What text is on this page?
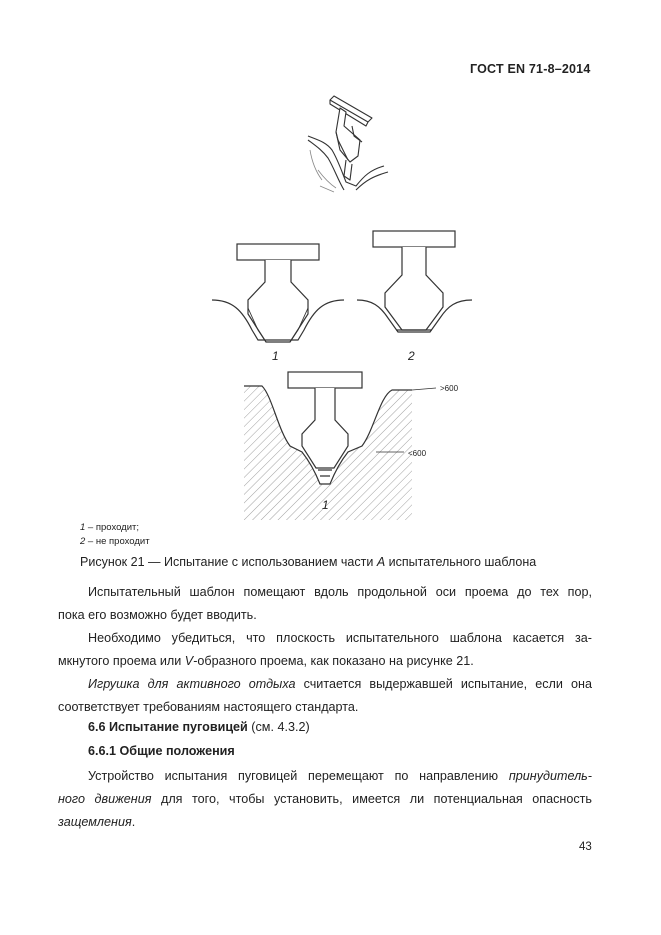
ГОСТ EN 71-8–2014
>600
<600
1	2
1
1 – проходит;
2 – не проходит
Рисунок 21 — Испытание с использованием части A испытательного шаблона
Испытательный шаблон помещают вдоль продольной оси проема до тех пор,
пока его возможно будет вводить.
Необходимо убедиться, что плоскость испытательного шаблона касается за-
мкнутого проема или V-образного проема, как показано на рисунке 21.
Игрушка для активного отдыха считается выдержавшей испытание, если она
соответствует требованиям настоящего стандарта.
6.6 Испытание пуговицей (см. 4.3.2)
6.6.1 Общие положения
Устройство испытания пуговицей перемещают по направлению принудитель-
ного движения для того, чтобы установить, имеется ли потенциальная опасность
защемления.
43
